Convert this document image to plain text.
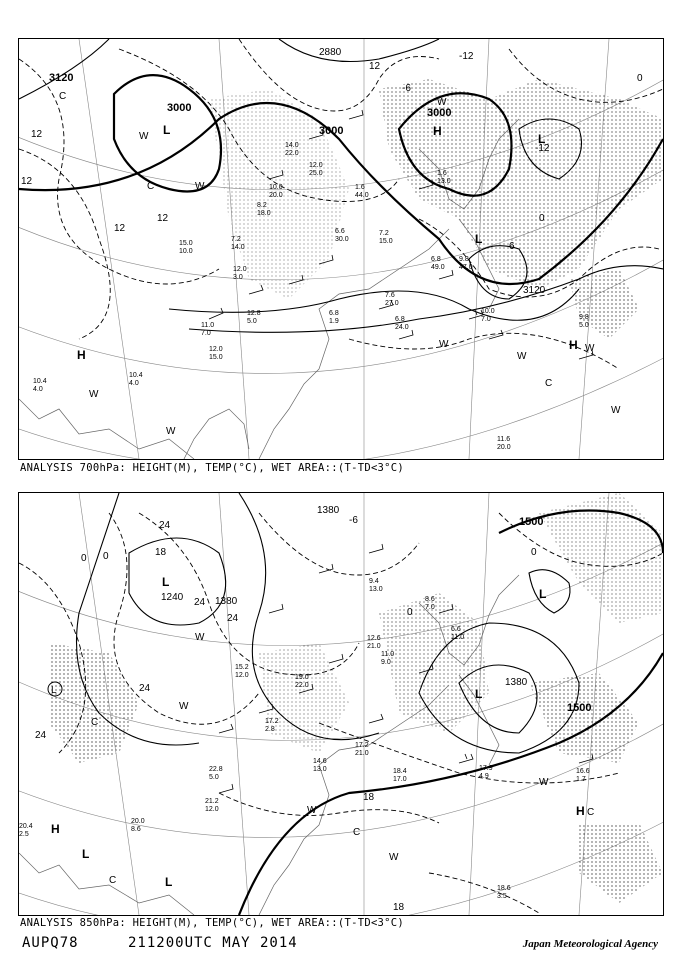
3120
3000
3000
3000
3120
2880
12
12
12
12
12
-12
0
0
6
-6
-12
H
L	H
L
L
H
C
C
W
W
W
W
W
W
W
W
C
W
10.4
4.0
10.4
4.0
12.0
15.0
11.0
7.0
12.8
5.0
6.8
1.9	6.8
24.0
7.6
27.0
10.0
7.0	9.8
5.0
11.6
20.0
15.0
10.0
12.0
3.0
10.0
20.0
8.2
18.0
14.0
22.0
12.0
25.0
7.2
14.0
6.6
30.0
7.2
15.0
1.6
13.0
9.8
47.0
6.8
49.0
1.6
44.0
ANALYSIS 700hPa: HEIGHT(M), TEMP(°C), WET AREA::(T-TD<3°C)
1500
1500
1380
1380
1240	1380
24
24
24
24
24
18
18
18
0
-6
0
0
0
L
L
L
H
L
L
C
H C
W
W
W
W
W
C
C
L
20.4
2.5
20.0
8.6
22.8
5.0
21.2
12.0
14.6
13.0	18.4
17.0
17.2
21.0
17.9
4.9
16.6
1.7
18.6
3.5
15.2
12.0	19.0
22.0
12.6
21.0
11.0
9.0
8.6
7.0
9.4
13.0
6.6
11.0
17.2
2.8
ANALYSIS 850hPa: HEIGHT(M), TEMP(°C), WET AREA::(T-TD<3°C)
AUPQ78	211200UTC MAY 2014	Japan Meteorological Agency
